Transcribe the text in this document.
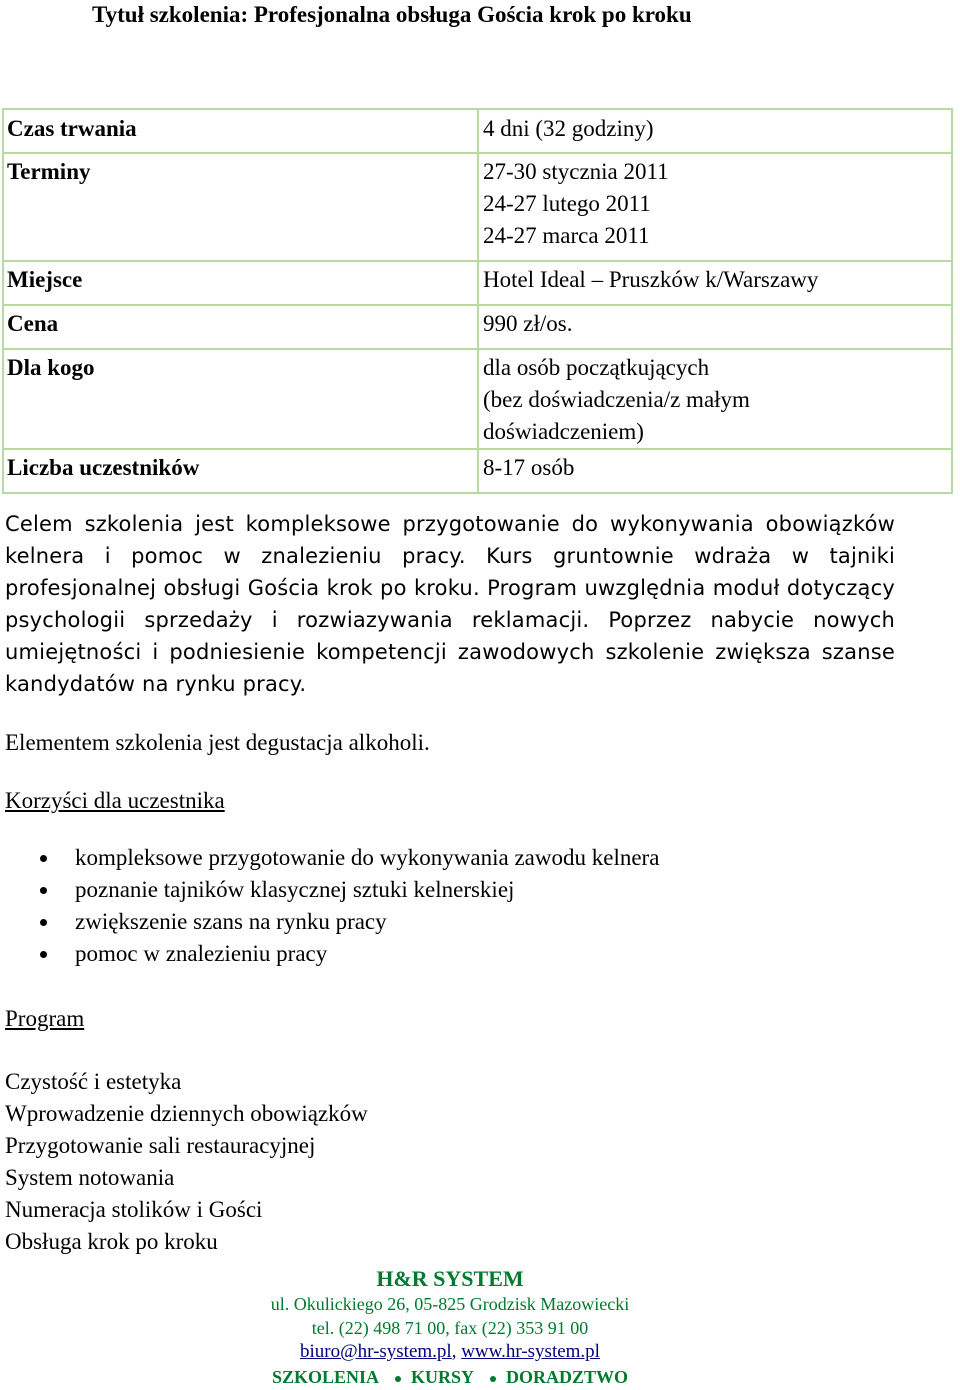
Tytuł szkolenia: Profesjonalna obsługa Gościa krok po kroku
Czas trwania	4 dni (32 godziny)

Terminy	27-30 stycznia 2011
24-27 lutego 2011
24-27 marca 2011

Miejsce	Hotel Ideal – Pruszków k/Warszawy

Cena	990 zł/os.

Dla kogo	dla osób początkujących
(bez doświadczenia/z małym
doświadczeniem)

Liczba uczestników	8-17 osób
Celem szkolenia jest kompleksowe przygotowanie do wykonywania obowiązków kelnera i pomoc w znalezieniu pracy. Kurs gruntownie wdraża w tajniki profesjonalnej obsługi Gościa krok po kroku. Program uwzględnia moduł dotyczący psychologii sprzedaży i rozwiazywania reklamacji. Poprzez nabycie nowych umiejętności i podniesienie kompetencji zawodowych szkolenie zwiększa szanse kandydatów na rynku pracy.
Elementem szkolenia jest degustacja alkoholi.
Korzyści dla uczestnika
kompleksowe przygotowanie do wykonywania zawodu kelnera
poznanie tajników klasycznej sztuki kelnerskiej
zwiększenie szans na rynku pracy
pomoc w znalezieniu pracy
Program
Czystość i estetyka
Wprowadzenie dziennych obowiązków
Przygotowanie sali restauracyjnej
System notowania
Numeracja stolików i Gości
Obsługa krok po kroku
H&R SYSTEM
ul. Okulickiego 26, 05-825 Grodzisk Mazowiecki
tel. (22) 498 71 00, fax (22) 353 91 00
biuro@hr-system.pl, www.hr-system.pl
SZKOLENIA KURSY DORADZTWO
